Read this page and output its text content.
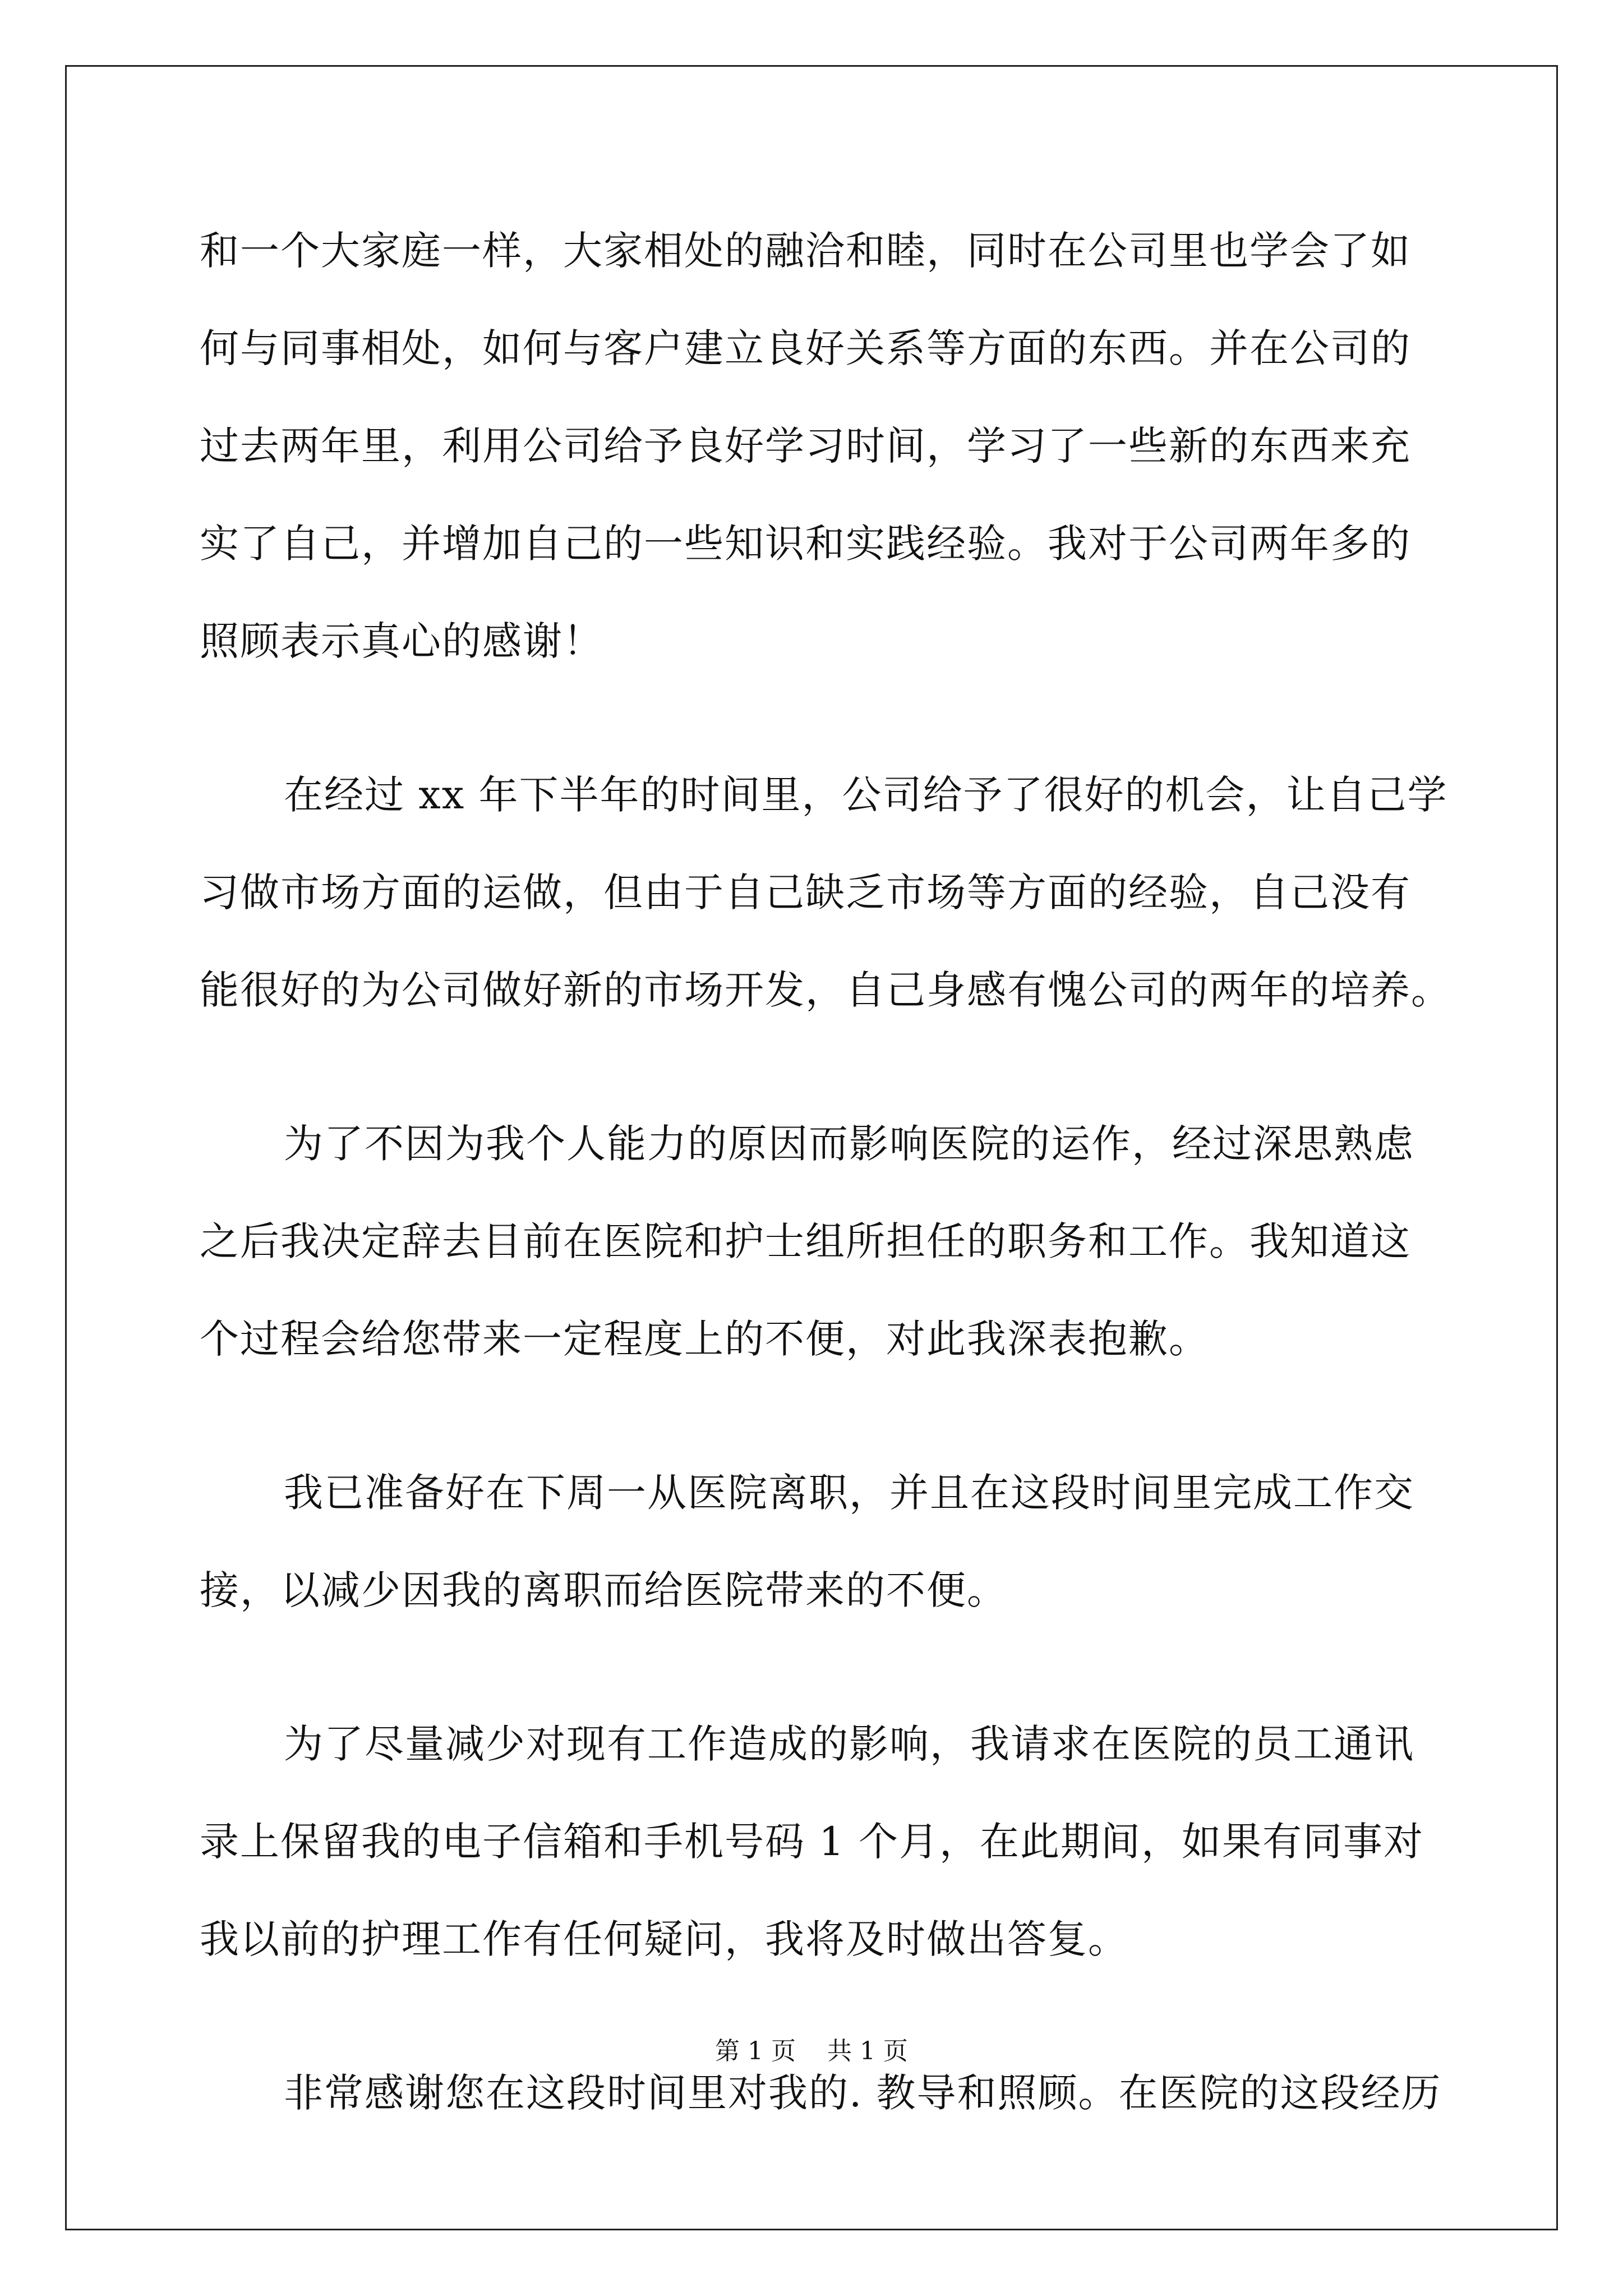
和一个大家庭一样，大家相处的融洽和睦，同时在公司里也学会了如
何与同事相处，如何与客户建立良好关系等方面的东西。并在公司的
过去两年里，利用公司给予良好学习时间，学习了一些新的东西来充
实了自己，并增加自己的一些知识和实践经验。我对于公司两年多的
照顾表示真心的感谢！
在经过 xx 年下半年的时间里，公司给予了很好的机会，让自己学
习做市场方面的运做，但由于自己缺乏市场等方面的经验，自己没有
能很好的为公司做好新的市场开发，自己身感有愧公司的两年的培养。
为了不因为我个人能力的原因而影响医院的运作，经过深思熟虑
之后我决定辞去目前在医院和护士组所担任的职务和工作。我知道这
个过程会给您带来一定程度上的不便，对此我深表抱歉。
我已准备好在下周一从医院离职，并且在这段时间里完成工作交
接，以减少因我的离职而给医院带来的不便。
为了尽量减少对现有工作造成的影响，我请求在医院的员工通讯
录上保留我的电子信箱和手机号码 1 个月，在此期间，如果有同事对
我以前的护理工作有任何疑问，我将及时做出答复。
非常感谢您在这段时间里对我的. 教导和照顾。在医院的这段经历
第 1 页    共 1 页
